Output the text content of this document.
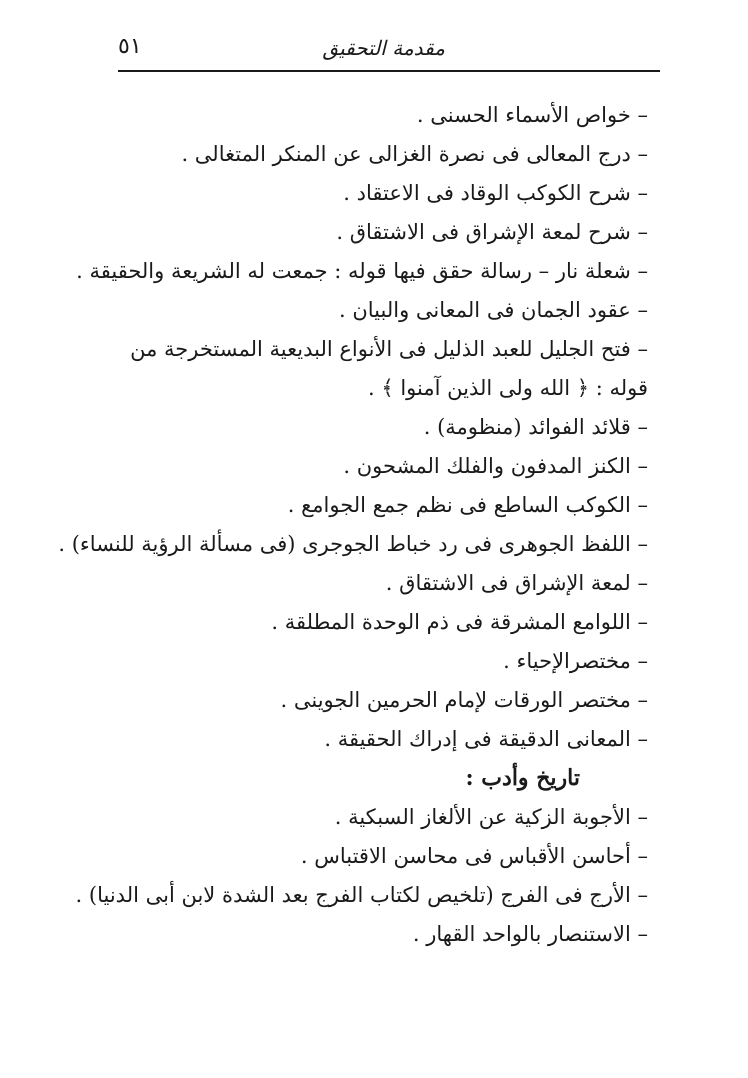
مقدمة التحقيق
٥١
– خواص الأسماء الحسنى .
– درج المعالى فى نصرة الغزالى عن المنكر المتغالى .
– شرح الكوكب الوقاد فى الاعتقاد .
– شرح لمعة الإشراق فى الاشتقاق .
– شعلة نار – رسالة حقق فيها قوله : جمعت له الشريعة والحقيقة .
– عقود الجمان فى المعانى والبيان .
– فتح الجليل للعبد الذليل فى الأنواع البديعية المستخرجة من قوله : ﴿ الله ولى الذين آمنوا ﴾ .
– قلائد الفوائد (منظومة) .
– الكنز المدفون والفلك المشحون .
– الكوكب الساطع فى نظم جمع الجوامع .
– اللفظ الجوهرى فى رد خباط الجوجرى (فى مسألة الرؤية للنساء) .
– لمعة الإشراق فى الاشتقاق .
– اللوامع المشرقة فى ذم الوحدة المطلقة .
– مختصرالإحياء .
– مختصر الورقات لإمام الحرمين الجوينى .
– المعانى الدقيقة فى إدراك الحقيقة .
تاريخ وأدب :
– الأجوبة الزكية عن الألغاز السبكية .
– أحاسن الأقباس فى محاسن الاقتباس .
– الأرج فى الفرج (تلخيص لكتاب الفرج بعد الشدة لابن أبى الدنيا) .
– الاستنصار بالواحد القهار .
